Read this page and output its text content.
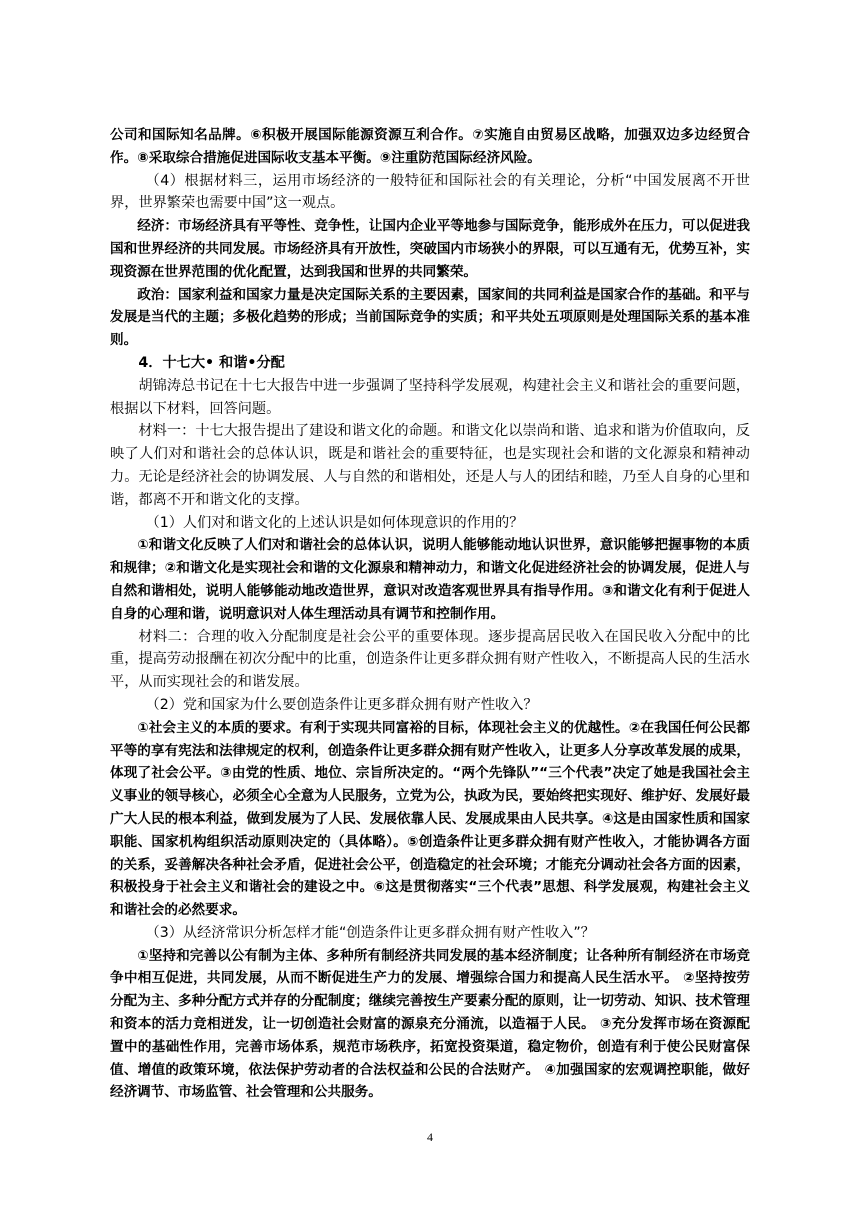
公司和国际知名品牌。⑥积极开展国际能源资源互利合作。⑦实施自由贸易区战略，加强双边多边经贸合作。⑧采取综合措施促进国际收支基本平衡。⑨注重防范国际经济风险。

（4）根据材料三，运用市场经济的一般特征和国际社会的有关理论，分析“中国发展离不开世界，世界繁荣也需要中国”这一观点。

经济：市场经济具有平等性、竞争性，让国内企业平等地参与国际竞争，能形成外在压力，可以促进我国和世界经济的共同发展。市场经济具有开放性，突破国内市场狭小的界限，可以互通有无，优势互补，实现资源在世界范围的优化配置，达到我国和世界的共同繁荣。

政治：国家利益和国家力量是决定国际关系的主要因素，国家间的共同利益是国家合作的基础。和平与发展是当代的主题；多极化趋势的形成；当前国际竞争的实质；和平共处五项原则是处理国际关系的基本准则。

4．十七大• 和谐•分配

胡锦涛总书记在十七大报告中进一步强调了坚持科学发展观，构建社会主义和谐社会的重要问题，根据以下材料，回答问题。

材料一：十七大报告提出了建设和谐文化的命题。和谐文化以崇尚和谐、追求和谐为价值取向，反映了人们对和谐社会的总体认识，既是和谐社会的重要特征，也是实现社会和谐的文化源泉和精神动力。无论是经济社会的协调发展、人与自然的和谐相处，还是人与人的团结和睦，乃至人自身的心里和谐，都离不开和谐文化的支撑。

（1）人们对和谐文化的上述认识是如何体现意识的作用的？

①和谐文化反映了人们对和谐社会的总体认识，说明人能够能动地认识世界，意识能够把握事物的本质和规律；②和谐文化是实现社会和谐的文化源泉和精神动力，和谐文化促进经济社会的协调发展，促进人与自然和谐相处，说明人能够能动地改造世界，意识对改造客观世界具有指导作用。③和谐文化有利于促进人自身的心理和谐，说明意识对人体生理活动具有调节和控制作用。

材料二：合理的收入分配制度是社会公平的重要体现。逐步提高居民收入在国民收入分配中的比重，提高劳动报酬在初次分配中的比重，创造条件让更多群众拥有财产性收入，不断提高人民的生活水平，从而实现社会的和谐发展。

（2）党和国家为什么要创造条件让更多群众拥有财产性收入？

①社会主义的本质的要求。有利于实现共同富裕的目标，体现社会主义的优越性。②在我国任何公民都平等的享有宪法和法律规定的权利，创造条件让更多群众拥有财产性收入，让更多人分享改革发展的成果，体现了社会公平。③由党的性质、地位、宗旨所决定的。“两个先锋队”“三个代表”决定了她是我国社会主义事业的领导核心，必须全心全意为人民服务，立党为公，执政为民，要始终把实现好、维护好、发展好最广大人民的根本利益，做到发展为了人民、发展依靠人民、发展成果由人民共享。④这是由国家性质和国家职能、国家机构组织活动原则决定的（具体略）。⑤创造条件让更多群众拥有财产性收入，才能协调各方面的关系，妥善解决各种社会矛盾，促进社会公平，创造稳定的社会环境；才能充分调动社会各方面的因素，积极投身于社会主义和谐社会的建设之中。⑥这是贯彻落实“三个代表”思想、科学发展观，构建社会主义和谐社会的必然要求。

（3）从经济常识分析怎样才能“创造条件让更多群众拥有财产性收入”？

①坚持和完善以公有制为主体、多种所有制经济共同发展的基本经济制度；让各种所有制经济在市场竞争中相互促进，共同发展，从而不断促进生产力的发展、增强综合国力和提高人民生活水平。 ②坚持按劳分配为主、多种分配方式并存的分配制度；继续完善按生产要素分配的原则，让一切劳动、知识、技术管理和资本的活力竞相迸发，让一切创造社会财富的源泉充分涌流，以造福于人民。 ③充分发挥市场在资源配置中的基础性作用，完善市场体系，规范市场秩序，拓宽投资渠道，稳定物价，创造有利于使公民财富保值、增值的政策环境，依法保护劳动者的合法权益和公民的合法财产。 ④加强国家的宏观调控职能，做好经济调节、市场监管、社会管理和公共服务。

4
